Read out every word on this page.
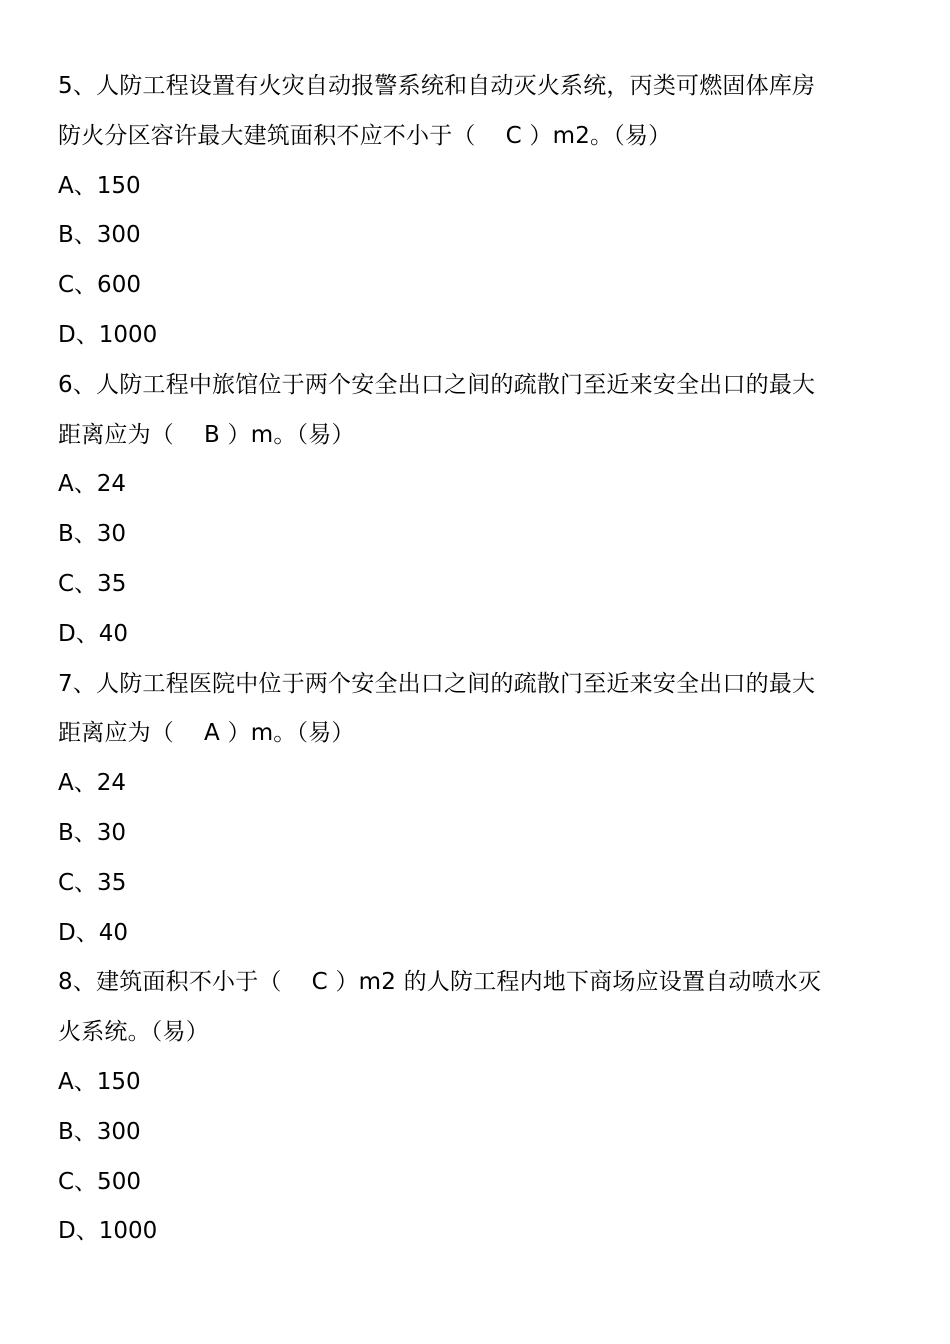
5、人防工程设置有火灾自动报警系统和自动灭火系统，丙类可燃固体库房
防火分区容许最大建筑面积不应不小于（    C ）m2。（易）
A、150
B、300
C、600
D、1000
6、人防工程中旅馆位于两个安全出口之间的疏散门至近来安全出口的最大
距离应为（    B ）m。（易）
A、24
B、30
C、35
D、40
7、人防工程医院中位于两个安全出口之间的疏散门至近来安全出口的最大
距离应为（    A ）m。（易）
A、24
B、30
C、35
D、40
8、建筑面积不小于（    C ）m2 的人防工程内地下商场应设置自动喷水灭
火系统。（易）
A、150
B、300
C、500
D、1000
